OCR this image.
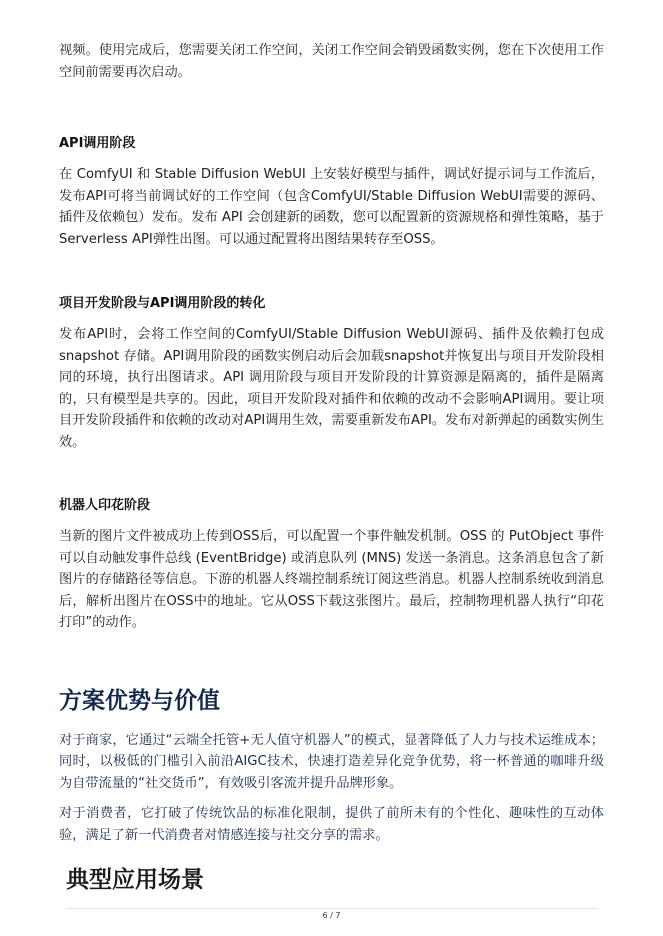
视频。使用完成后，您需要关闭工作空间，关闭工作空间会销毁函数实例，您在下次使用工作空间前需要再次启动。

API调用阶段

在 ComfyUI 和 Stable Diffusion WebUI 上安装好模型与插件，调试好提示词与工作流后，发布API可将当前调试好的工作空间（包含ComfyUI/Stable Diffusion WebUI需要的源码、插件及依赖包）发布。发布 API 会创建新的函数，您可以配置新的资源规格和弹性策略，基于 Serverless API弹性出图。可以通过配置将出图结果转存至OSS。

项目开发阶段与API调用阶段的转化

发布API时，会将工作空间的ComfyUI/Stable Diffusion WebUI源码、插件及依赖打包成 snapshot 存储。API调用阶段的函数实例启动后会加载snapshot并恢复出与项目开发阶段相同的环境，执行出图请求。API 调用阶段与项目开发阶段的计算资源是隔离的，插件是隔离的，只有模型是共享的。因此，项目开发阶段对插件和依赖的改动不会影响API调用。要让项目开发阶段插件和依赖的改动对API调用生效，需要重新发布API。发布对新弹起的函数实例生效。

机器人印花阶段

当新的图片文件被成功上传到OSS后，可以配置一个事件触发机制。OSS 的 PutObject 事件可以自动触发事件总线 (EventBridge) 或消息队列 (MNS) 发送一条消息。这条消息包含了新图片的存储路径等信息。下游的机器人终端控制系统订阅这些消息。机器人控制系统收到消息后，解析出图片在OSS中的地址。它从OSS下载这张图片。最后，控制物理机器人执行“印花打印”的动作。

方案优势与价值

对于商家，它通过“云端全托管+无人值守机器人”的模式，显著降低了人力与技术运维成本；同时，以极低的门槛引入前沿AIGC技术，快速打造差异化竞争优势，将一杯普通的咖啡升级为自带流量的“社交货币”，有效吸引客流并提升品牌形象。

对于消费者，它打破了传统饮品的标准化限制，提供了前所未有的个性化、趣味性的互动体验，满足了新一代消费者对情感连接与社交分享的需求。

典型应用场景
6 / 7
